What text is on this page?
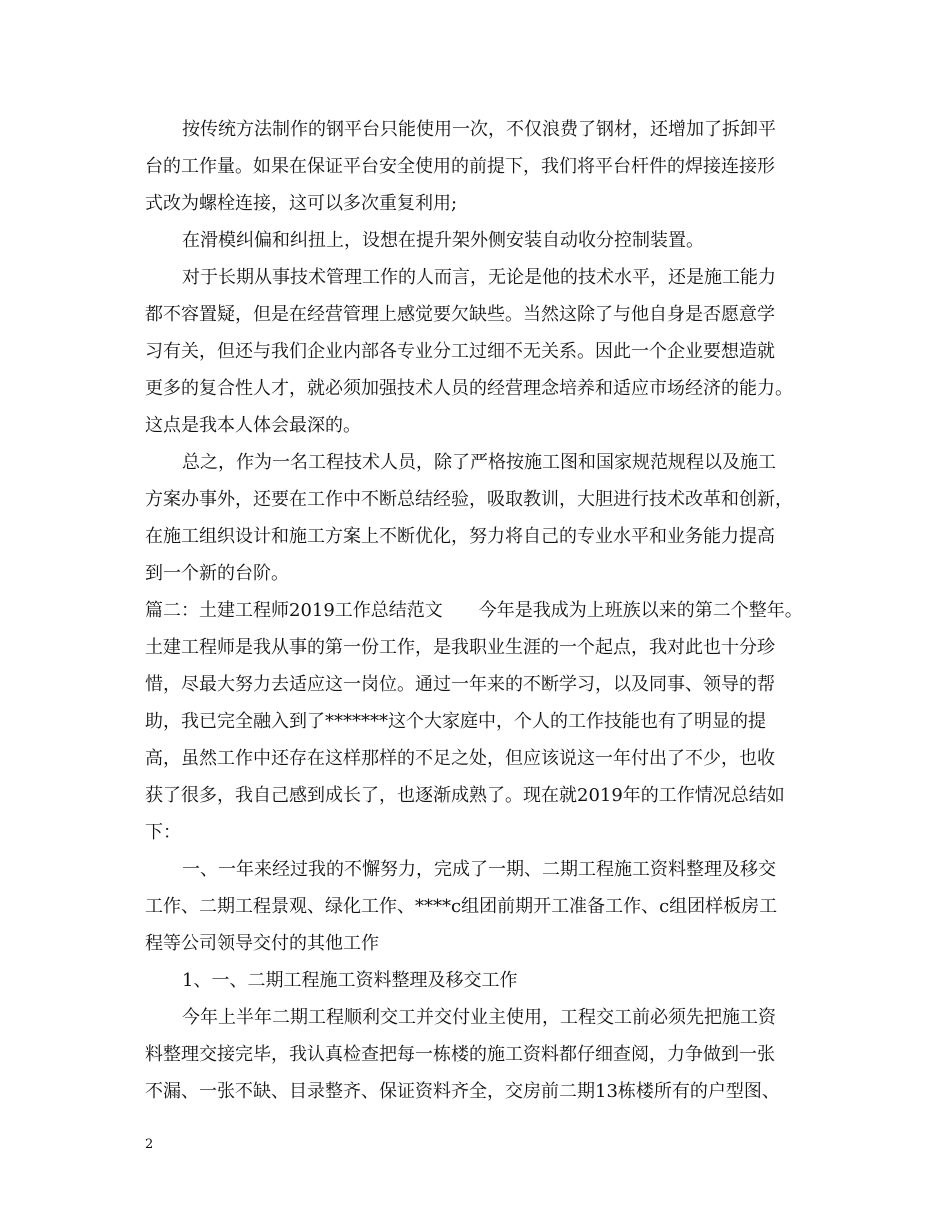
按传统方法制作的钢平台只能使用一次，不仅浪费了钢材，还增加了拆卸平
台的工作量。如果在保证平台安全使用的前提下，我们将平台杆件的焊接连接形
式改为螺栓连接，这可以多次重复利用;
在滑模纠偏和纠扭上，设想在提升架外侧安装自动收分控制装置。
对于长期从事技术管理工作的人而言，无论是他的技术水平，还是施工能力
都不容置疑，但是在经营管理上感觉要欠缺些。当然这除了与他自身是否愿意学
习有关，但还与我们企业内部各专业分工过细不无关系。因此一个企业要想造就
更多的复合性人才，就必须加强技术人员的经营理念培养和适应市场经济的能力。
这点是我本人体会最深的。
总之，作为一名工程技术人员，除了严格按施工图和国家规范规程以及施工
方案办事外，还要在工作中不断总结经验，吸取教训，大胆进行技术改革和创新，
在施工组织设计和施工方案上不断优化，努力将自己的专业水平和业务能力提高
到一个新的台阶。
篇二：土建工程师2019工作总结范文　　今年是我成为上班族以来的第二个整年。
土建工程师是我从事的第一份工作，是我职业生涯的一个起点，我对此也十分珍
惜，尽最大努力去适应这一岗位。通过一年来的不断学习，以及同事、领导的帮
助，我已完全融入到了*******这个大家庭中，个人的工作技能也有了明显的提
高，虽然工作中还存在这样那样的不足之处，但应该说这一年付出了不少，也收
获了很多，我自己感到成长了，也逐渐成熟了。现在就2019年的工作情况总结如
下：
一、一年来经过我的不懈努力，完成了一期、二期工程施工资料整理及移交
工作、二期工程景观、绿化工作、****c组团前期开工准备工作、c组团样板房工
程等公司领导交付的其他工作
1、一、二期工程施工资料整理及移交工作
今年上半年二期工程顺利交工并交付业主使用，工程交工前必须先把施工资
料整理交接完毕，我认真检查把每一栋楼的施工资料都仔细查阅，力争做到一张
不漏、一张不缺、目录整齐、保证资料齐全，交房前二期13栋楼所有的户型图、
2
